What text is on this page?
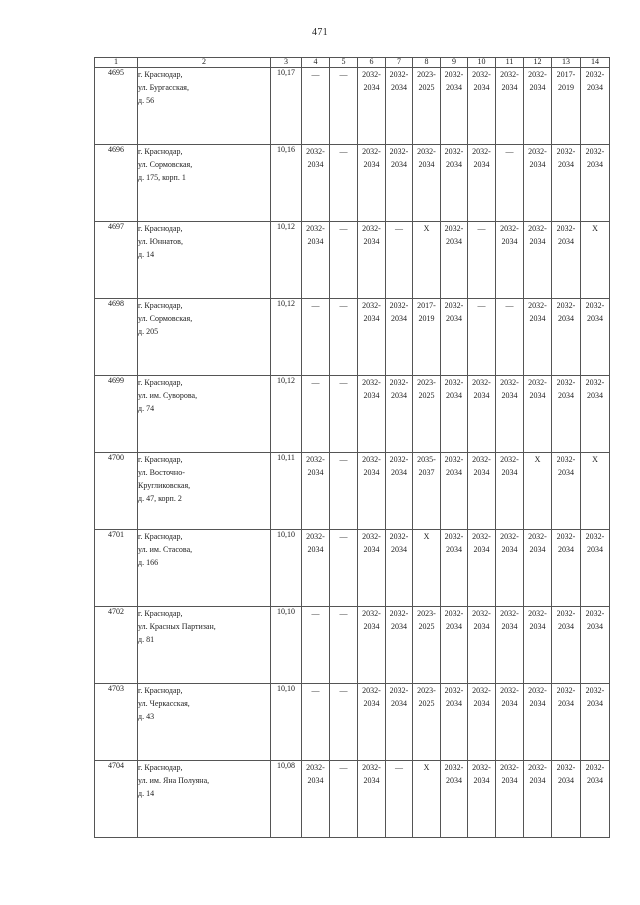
471
1	2	3	4	5	6	7	8	9	10	11	12	13	14
4695	г. Краснодар,
ул. Бургасская,
д. 56	10,17	—	—	2032-
2034	2032-
2034	2023-
2025	2032-
2034	2032-
2034	2032-
2034	2032-
2034	2017-
2019	2032-
2034

4696	г. Краснодар,
ул. Сормовская,
д. 175, корп. 1	10,16	2032-
2034	—	2032-
2034	2032-
2034	2032-
2034	2032-
2034	2032-
2034	—	2032-
2034	2032-
2034	2032-
2034

4697	г. Краснодар,
ул. Юннатов,
д. 14	10,12	2032-
2034	—	2032-
2034	—	Х	2032-
2034	—	2032-
2034	2032-
2034	2032-
2034	Х
4698	г. Краснодар,
ул. Сормовская,
д. 205	10,12	—	—	2032-
2034	2032-
2034	2017-
2019	2032-
2034	—	—	2032-
2034	2032-
2034	2032-
2034

4699	г. Краснодар,
ул. им. Суворова,
д. 74	10,12	—	—	2032-
2034	2032-
2034	2023-
2025	2032-
2034	2032-
2034	2032-
2034	2032-
2034	2032-
2034	2032-
2034

4700	г. Краснодар,
ул. Восточно-
Кругликовская,
д. 47, корп. 2	10,11	2032-
2034	—	2032-
2034	2032-
2034	2035-
2037	2032-
2034	2032-
2034	2032-
2034	Х	2032-
2034	Х
4701	г. Краснодар,
ул. им. Стасова,
д. 166	10,10	2032-
2034	—	2032-
2034	2032-
2034	Х	2032-
2034	2032-
2034	2032-
2034	2032-
2034	2032-
2034	2032-
2034

4702	г. Краснодар,
ул. Красных Партизан,
д. 81	10,10	—	—	2032-
2034	2032-
2034	2023-
2025	2032-
2034	2032-
2034	2032-
2034	2032-
2034	2032-
2034	2032-
2034

4703	г. Краснодар,
ул. Черкасская,
д. 43	10,10	—	—	2032-
2034	2032-
2034	2023-
2025	2032-
2034	2032-
2034	2032-
2034	2032-
2034	2032-
2034	2032-
2034

4704	г. Краснодар,
ул. им. Яна Полуяна,
д. 14	10,08	2032-
2034	—	2032-
2034	—	Х	2032-
2034	2032-
2034	2032-
2034	2032-
2034	2032-
2034	2032-
2034
